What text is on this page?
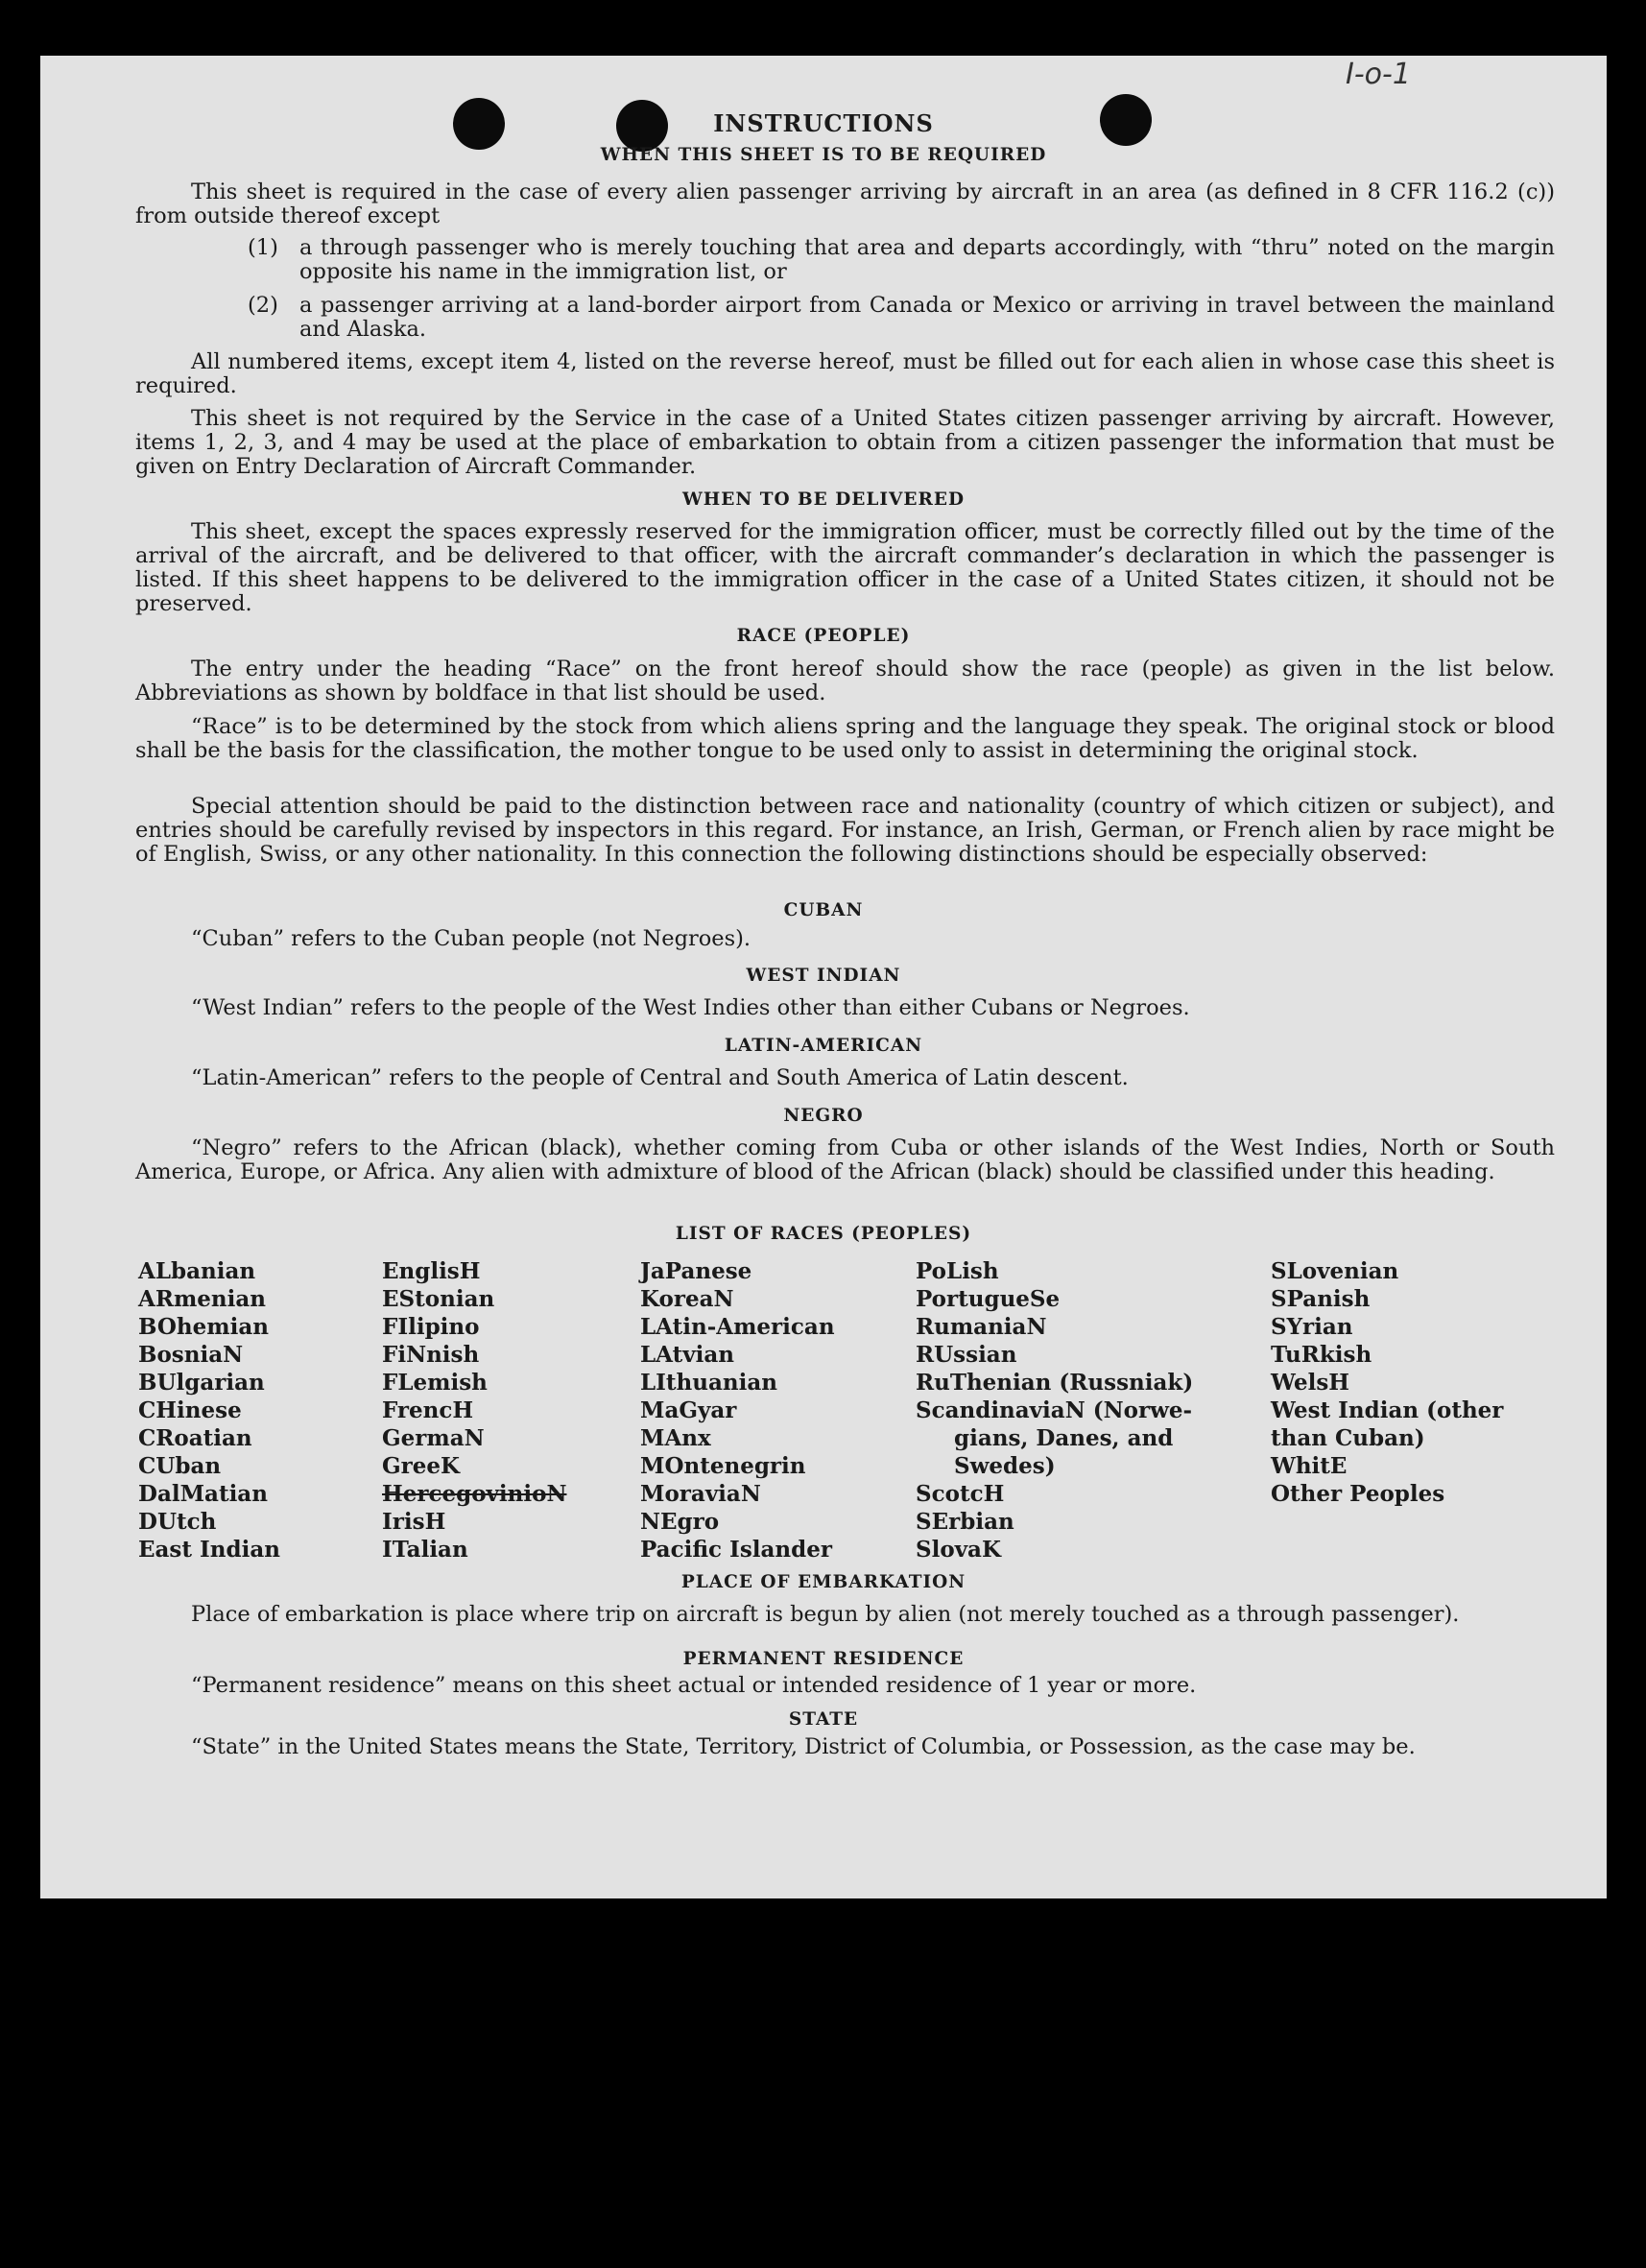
I-o-1
INSTRUCTIONS
WHEN THIS SHEET IS TO BE REQUIRED
This sheet is required in the case of every alien passenger arriving by aircraft in an area (as defined in 8 CFR 116.2 (c)) from outside thereof except
(1) a through passenger who is merely touching that area and departs accordingly, with “thru” noted on the margin opposite his name in the immigration list, or
(2) a passenger arriving at a land-border airport from Canada or Mexico or arriving in travel between the mainland and Alaska.
All numbered items, except item 4, listed on the reverse hereof, must be filled out for each alien in whose case this sheet is required.
This sheet is not required by the Service in the case of a United States citizen passenger arriving by aircraft. However, items 1, 2, 3, and 4 may be used at the place of embarkation to obtain from a citizen passenger the information that must be given on Entry Declaration of Aircraft Commander.
WHEN TO BE DELIVERED
This sheet, except the spaces expressly reserved for the immigration officer, must be correctly filled out by the time of the arrival of the aircraft, and be delivered to that officer, with the aircraft commander’s declaration in which the passenger is listed. If this sheet happens to be delivered to the immigration officer in the case of a United States citizen, it should not be preserved.
RACE (PEOPLE)
The entry under the heading “Race” on the front hereof should show the race (people) as given in the list below. Abbreviations as shown by boldface in that list should be used.
“Race” is to be determined by the stock from which aliens spring and the language they speak. The original stock or blood shall be the basis for the classification, the mother tongue to be used only to assist in determining the original stock.
Special attention should be paid to the distinction between race and nationality (country of which citizen or subject), and entries should be carefully revised by inspectors in this regard. For instance, an Irish, German, or French alien by race might be of English, Swiss, or any other nationality. In this connection the following distinctions should be especially observed:
CUBAN
“Cuban” refers to the Cuban people (not Negroes).
WEST INDIAN
“West Indian” refers to the people of the West Indies other than either Cubans or Negroes.
LATIN-AMERICAN
“Latin-American” refers to the people of Central and South America of Latin descent.
NEGRO
“Negro” refers to the African (black), whether coming from Cuba or other islands of the West Indies, North or South America, Europe, or Africa. Any alien with admixture of blood of the African (black) should be classified under this heading.
LIST OF RACES (PEOPLES)
ALbanian
ARmenian
BOhemian
BosniaN
BUlgarian
CHinese
CRoatian
CUban
DalMatian
DUtch
East Indian
EnglisH
EStonian
FIlipino
FiNnish
FLemish
FrencH
GermaN
GreeK
HercegovinioN
IrisH
ITalian
JaPanese
KoreaN
LAtin-American
LAtvian
LIthuanian
MaGyar
MAnx
MOntenegrin
MoraviaN
NEgro
Pacific Islander
PoLish
PortugueSe
RumaniaN
RUssian
RuThenian (Russniak)
ScandinaviaN (Norwe-
gians, Danes, and
Swedes)
ScotcH
SErbian
SlovaK
SLovenian
SPanish
SYrian
TuRkish
WelsH
West Indian (other
than Cuban)
WhitE
Other Peoples
PLACE OF EMBARKATION
Place of embarkation is place where trip on aircraft is begun by alien (not merely touched as a through passenger).
PERMANENT RESIDENCE
“Permanent residence” means on this sheet actual or intended residence of 1 year or more.
STATE
“State” in the United States means the State, Territory, District of Columbia, or Possession, as the case may be.
